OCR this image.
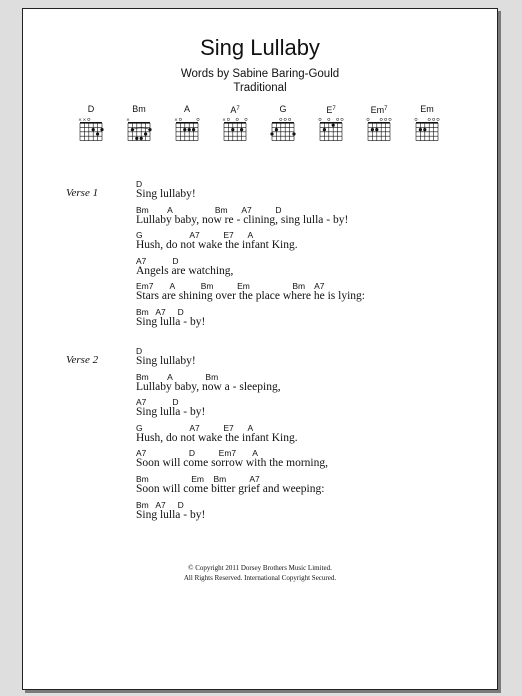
Sing Lullaby
Words by Sabine Baring-Gould
Traditional
D
× ×
Bm
×
A
×
$A^7$
×
G	$E^7$	Em$^7$	Em
Verse 1
D
Sing lullaby!
Bm        A                  Bm      A7          D
Lullaby baby, now re - clining, sing lulla - by!
G                    A7          E7      A
Hush, do not wake the infant King.
A7           D
Angels are watching,
Em7       A           Bm          Em                  Bm    A7
Stars are shining over the place where he is lying:
Bm   A7     D
Sing lulla - by!
Verse 2
D
Sing lullaby!
Bm        A              Bm
Lullaby baby, now a - sleeping,
A7           D
Sing lulla - by!
G                    A7          E7      A
Hush, do not wake the infant King.
A7                  D          Em7       A
Soon will come sorrow with the morning,
Bm                  Em    Bm          A7
Soon will come bitter grief and weeping:
Bm   A7     D
Sing lulla - by!
© Copyright 2011 Dorsey Brothers Music Limited.
All Rights Reserved. International Copyright Secured.
